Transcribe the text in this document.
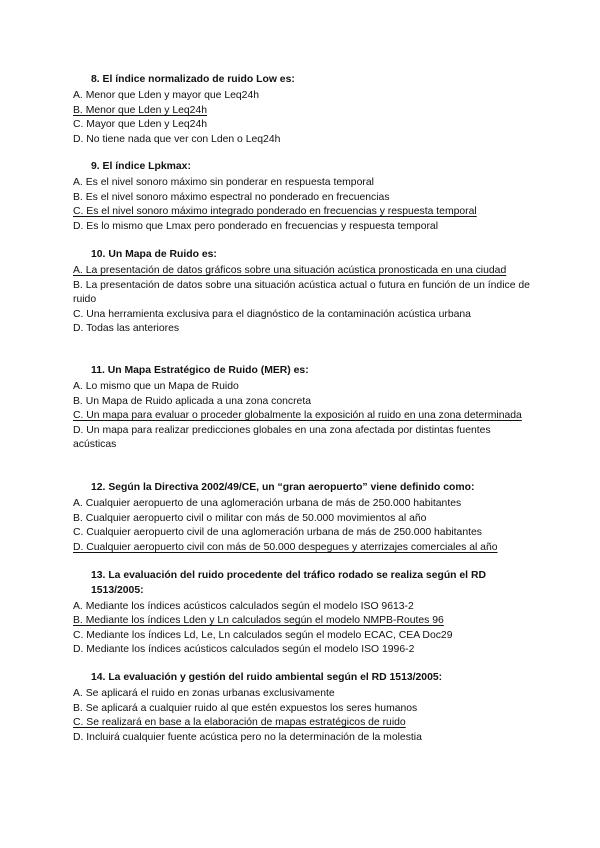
8. El índice normalizado de ruido Low es:

A. Menor que Lden y mayor que Leq24h

B. Menor que Lden y Leq24h

C. Mayor que Lden y Leq24h

D. No tiene nada que ver con Lden o Leq24h

9. El índice Lpkmax:

A. Es el nivel sonoro máximo sin ponderar en respuesta temporal

B. Es el nivel sonoro máximo espectral no ponderado en frecuencias

C. Es el nivel sonoro máximo integrado ponderado en frecuencias y respuesta temporal

D. Es lo mismo que Lmax pero ponderado en frecuencias y respuesta temporal

10. Un Mapa de Ruido es:

A. La presentación de datos gráficos sobre una situación acústica pronosticada en una ciudad

B. La presentación de datos sobre una situación acústica actual o futura en función de un índice de ruido

C. Una herramienta exclusiva para el diagnóstico de la contaminación acústica urbana

D. Todas las anteriores

11. Un Mapa Estratégico de Ruido (MER) es:

A. Lo mismo que un Mapa de Ruido

B. Un Mapa de Ruido aplicada a una zona concreta

C. Un mapa para evaluar o proceder globalmente la exposición al ruido en una zona determinada

D. Un mapa para realizar predicciones globales en una zona afectada por distintas fuentes acústicas

12. Según la Directiva 2002/49/CE, un “gran aeropuerto” viene definido como:

A. Cualquier aeropuerto de una aglomeración urbana de más de 250.000 habitantes

B. Cualquier aeropuerto civil o militar con más de 50.000 movimientos al año

C. Cualquier aeropuerto civil de una aglomeración urbana de más de 250.000 habitantes

D. Cualquier aeropuerto civil con más de 50.000 despegues y aterrizajes comerciales al año

13. La evaluación del ruido procedente del tráfico rodado se realiza según el RD 1513/2005:

A. Mediante los índices acústicos calculados según el modelo ISO 9613-2

B. Mediante los índices Lden y Ln calculados según el modelo NMPB-Routes 96

C. Mediante los índices Ld, Le, Ln calculados según el modelo ECAC, CEA Doc29

D. Mediante los índices acústicos calculados según el modelo ISO 1996-2

14. La evaluación y gestión del ruido ambiental según el RD 1513/2005:

A. Se aplicará el ruido en zonas urbanas exclusivamente

B. Se aplicará a cualquier ruido al que estén expuestos los seres humanos

C. Se realizará en base a la elaboración de mapas estratégicos de ruido

D. Incluirá cualquier fuente acústica pero no la determinación de la molestia
